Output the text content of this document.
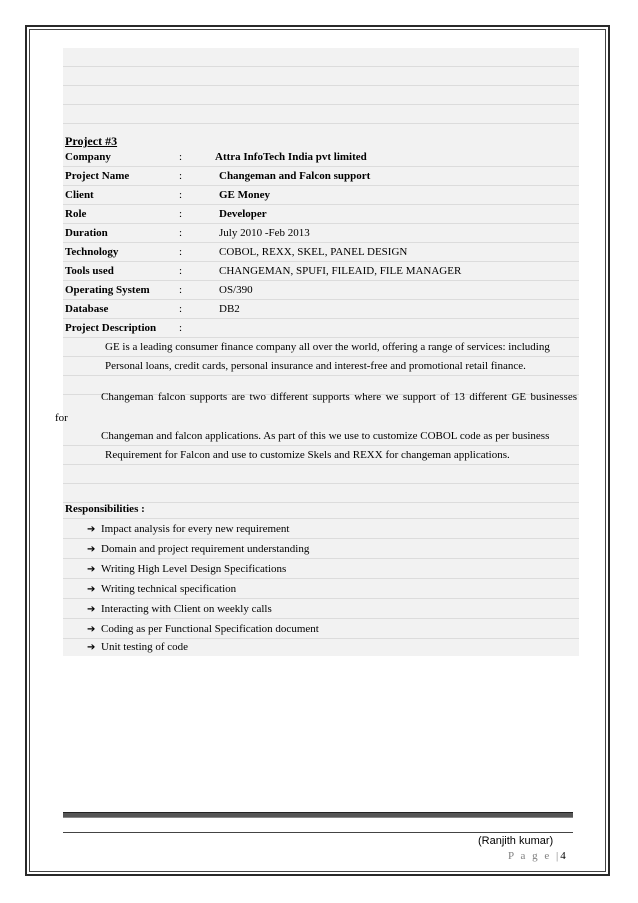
Project #3
Company	:	Attra InfoTech India pvt limited
Project Name	:	Changeman and Falcon support
Client	:	GE Money
Role	:	Developer
Duration	:	July 2010 -Feb 2013
Technology	:	COBOL, REXX, SKEL, PANEL DESIGN
Tools used	:	CHANGEMAN, SPUFI, FILEAID, FILE MANAGER
Operating System	:	OS/390
Database	:	DB2
Project Description :
GE is a leading consumer finance company all over the world, offering a range of services: including
Personal loans, credit cards, personal insurance and interest-free and promotional retail finance.
Changeman falcon supports are two different supports where we support of 13 different GE businesses
for
Changeman and falcon applications. As part of this we use to customize COBOL code as per business
Requirement for Falcon and use to customize Skels and REXX for changeman applications.
Responsibilities :
➔ Impact analysis for every new requirement
➔ Domain and project requirement understanding
➔ Writing High Level Design Specifications
➔ Writing technical specification
➔ Interacting with Client on weekly calls
➔ Coding as per Functional Specification document
➔ Unit testing of code
(Ranjith kumar)
P a g e |4
